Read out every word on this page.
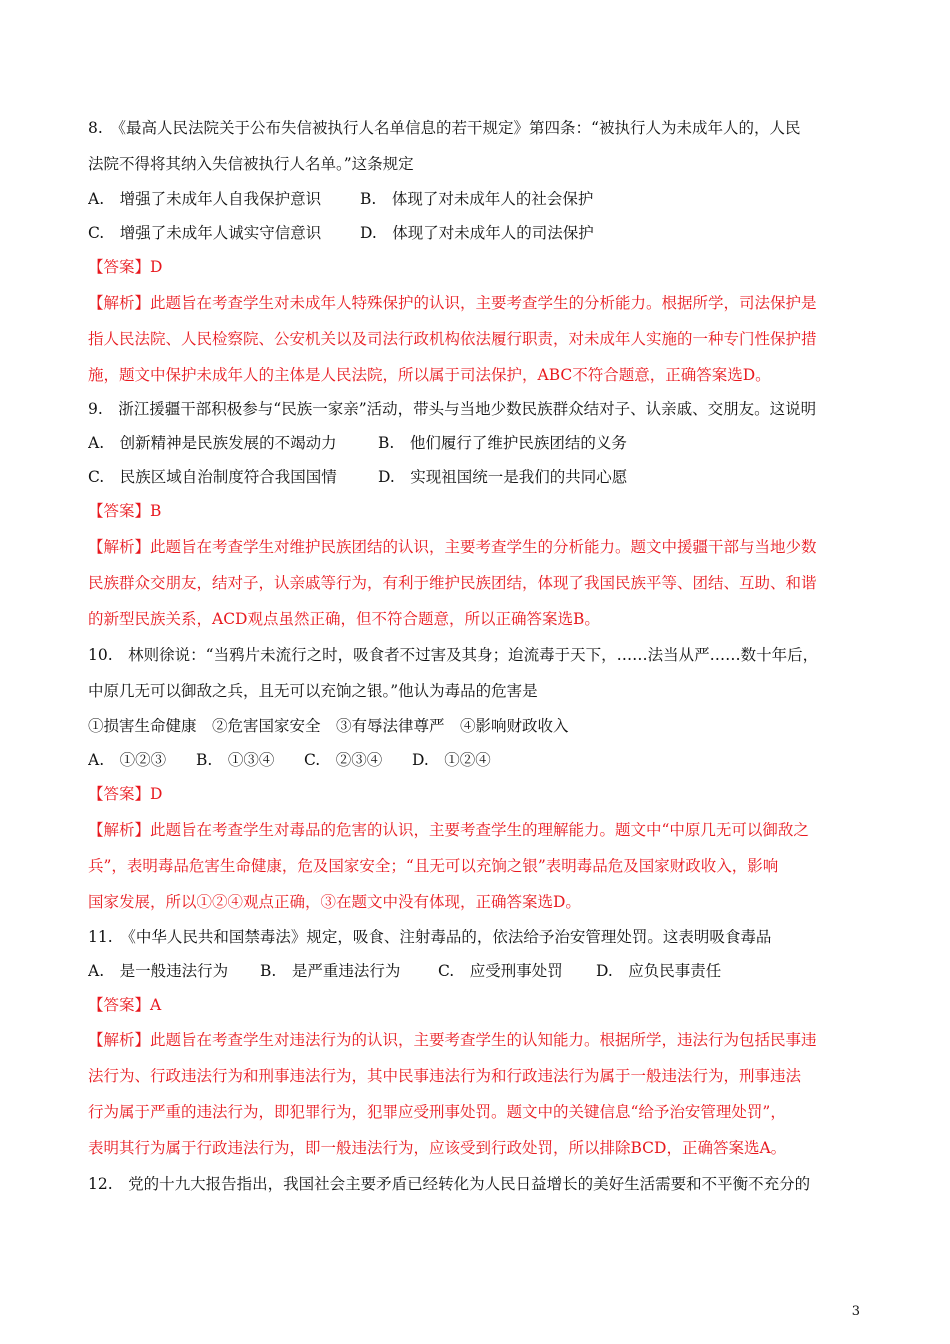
8.　《最高人民法院关于公布失信被执行人名单信息的若干规定》第四条：“被执行人为未成年人的，人民
法院不得将其纳入失信被执行人名单。”这条规定
A.　增强了未成年人自我保护意识	B.　体现了对未成年人的社会保护
C.　增强了未成年人诚实守信意识	D.　体现了对未成年人的司法保护
【答案】D
【解析】此题旨在考查学生对未成年人特殊保护的认识，主要考查学生的分析能力。根据所学，司法保护是
指人民法院、人民检察院、公安机关以及司法行政机构依法履行职责，对未成年人实施的一种专门性保护措
施，题文中保护未成年人的主体是人民法院，所以属于司法保护，ABC不符合题意，正确答案选D。
9.　浙江援疆干部积极参与“民族一家亲”活动，带头与当地少数民族群众结对子、认亲戚、交朋友。这说明
A.　创新精神是民族发展的不竭动力	B.　他们履行了维护民族团结的义务
C.　民族区域自治制度符合我国国情	D.　实现祖国统一是我们的共同心愿
【答案】B
【解析】此题旨在考查学生对维护民族团结的认识，主要考查学生的分析能力。题文中援疆干部与当地少数
民族群众交朋友，结对子，认亲戚等行为，有利于维护民族团结，体现了我国民族平等、团结、互助、和谐
的新型民族关系，ACD观点虽然正确，但不符合题意，所以正确答案选B。
10.　林则徐说：“当鸦片未流行之时，吸食者不过害及其身；迨流毒于天下，……法当从严……数十年后，
中原几无可以御敌之兵，且无可以充饷之银。”他认为毒品的危害是
①损害生命健康　②危害国家安全　③有辱法律尊严　④影响财政收入
A.　①②③ B.　①③④ C.　②③④ D.　①②④
【答案】D
【解析】此题旨在考查学生对毒品的危害的认识，主要考查学生的理解能力。题文中“中原几无可以御敌之
兵”，表明毒品危害生命健康，危及国家安全；“且无可以充饷之银”表明毒品危及国家财政收入，影响
国家发展，所以①②④观点正确，③在题文中没有体现，正确答案选D。
11.　《中华人民共和国禁毒法》规定，吸食、注射毒品的，依法给予治安管理处罚。这表明吸食毒品
A.　是一般违法行为 B.　是严重违法行为 C.　应受刑事处罚 D.　应负民事责任
【答案】A
【解析】此题旨在考查学生对违法行为的认识，主要考查学生的认知能力。根据所学，违法行为包括民事违
法行为、行政违法行为和刑事违法行为，其中民事违法行为和行政违法行为属于一般违法行为，刑事违法
行为属于严重的违法行为，即犯罪行为，犯罪应受刑事处罚。题文中的关键信息“给予治安管理处罚”，
表明其行为属于行政违法行为，即一般违法行为，应该受到行政处罚，所以排除BCD，正确答案选A。
12.　党的十九大报告指出，我国社会主要矛盾已经转化为人民日益增长的美好生活需要和不平衡不充分的
3
